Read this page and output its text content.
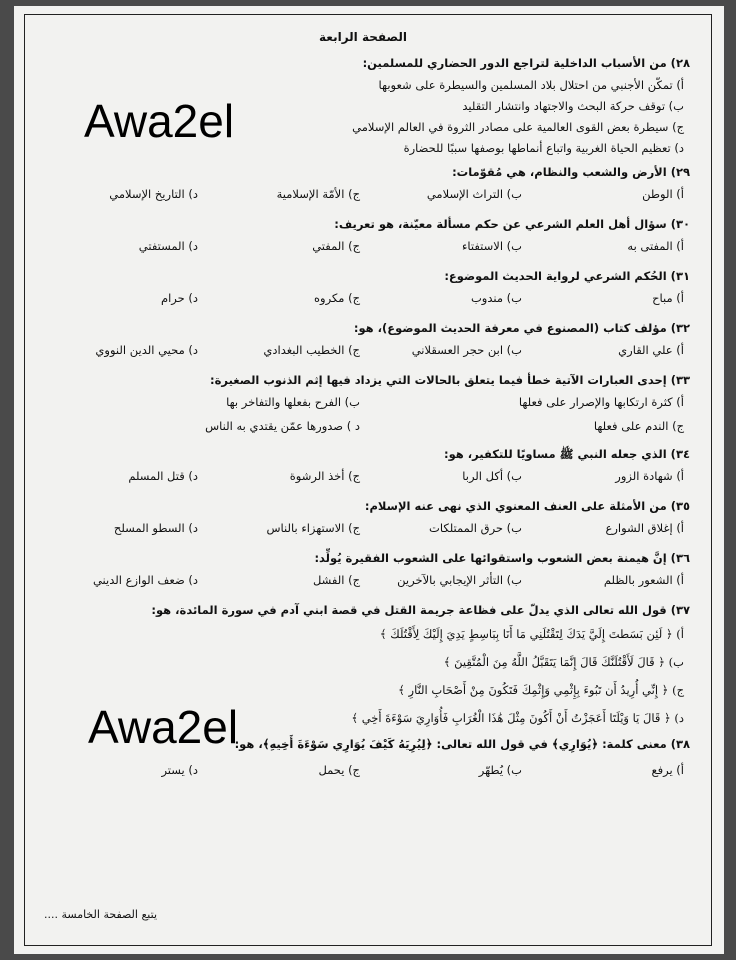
الصفحة الرابعة
٢٨) من الأسباب الداخلية لتراجع الدور الحضاري للمسلمين:
أ) تمكّن الأجنبي من احتلال بلاد المسلمين والسيطرة على شعوبها
ب) توقف حركة البحث والاجتهاد وانتشار التقليد
ج) سيطرة بعض القوى العالمية على مصادر الثروة في العالم الإسلامي
د) تعظيم الحياة الغربية واتباع أنماطها بوصفها سببًا للحضارة
٢٩) الأرض والشعب والنظام، هي مُقوّمات:
أ) الوطن
ب) التراث الإسلامي
ج) الأمّة الإسلامية
د) التاريخ الإسلامي
٣٠) سؤال أهل العلم الشرعي عن حكم مسألة معيّنة، هو تعريف:
أ) المفتى به
ب) الاستفتاء
ج) المفتي
د) المستفتي
٣١) الحُكم الشرعي لرواية الحديث الموضوع:
أ) مباح
ب) مندوب
ج) مكروه
د) حرام
٣٢) مؤلف كتاب (المصنوع في معرفة الحديث الموضوع)، هو:
أ) علي القاري
ب) ابن حجر العسقلاني
ج) الخطيب البغدادي
د) محيي الدين النووي
٣٣) إحدى العبارات الآتية خطأ فيما يتعلق بالحالات التي يزداد فيها إثم الذنوب الصغيرة:
أ) كثرة ارتكابها والإصرار على فعلها
ب) الفرح بفعلها والتفاخر بها
ج) الندم على فعلها
د ) صدورها عمّن يقتدي به الناس
٣٤) الذي جعله النبي ﷺ مساويًا للتكفير، هو:
أ) شهادة الزور
ب) أكل الربا
ج) أخذ الرشوة
د) قتل المسلم
٣٥) من الأمثلة على العنف المعنوي الذي نهى عنه الإسلام:
أ) إغلاق الشوارع
ب) حرق الممتلكات
ج) الاستهزاء بالناس
د) السطو المسلح
٣٦) إنَّ هيمنة بعض الشعوب واستقوائها على الشعوب الفقيرة يُولِّد:
أ) الشعور بالظلم
ب) التأثر الإيجابي بالآخرين
ج) الفشل
د) ضعف الوازع الديني
٣٧) قول الله تعالى الذي يدلّ على فظاعة جريمة القتل في قصة ابني آدم في سورة المائدة، هو:
أ) ﴿ لَئِن بَسَطتَ إِلَيَّ يَدَكَ لِتَقْتُلَنِي مَا أَنَا بِبَاسِطٍ يَدِيَ إِلَيْكَ لِأَقْتُلَكَ ﴾
ب) ﴿ قَالَ لَأَقْتُلَنَّكَ قَالَ إِنَّمَا يَتَقَبَّلُ اللَّهُ مِنَ الْمُتَّقِينَ ﴾
ج) ﴿ إِنِّي أُرِيدُ أَن تَبُوءَ بِإِثْمِي وَإِثْمِكَ فَتَكُونَ مِنْ أَصْحَابِ النَّارِ ﴾
د) ﴿ قَالَ يَا وَيْلَتَا أَعَجَزْتُ أَنْ أَكُونَ مِثْلَ هَٰذَا الْغُرَابِ فَأُوَارِيَ سَوْءَةَ أَخِي ﴾
٣٨) معنى كلمة: ﴿يُوَارِي﴾ في قول الله تعالى: ﴿لِيُرِيَهُ كَيْفَ يُوَارِي سَوْءَةَ أَخِيهِ﴾، هو:
أ) يرفع
ب) يُطهّر
ج) يحمل
د) يستر
يتبع الصفحة الخامسة ....
Awa2el
Awa2el
